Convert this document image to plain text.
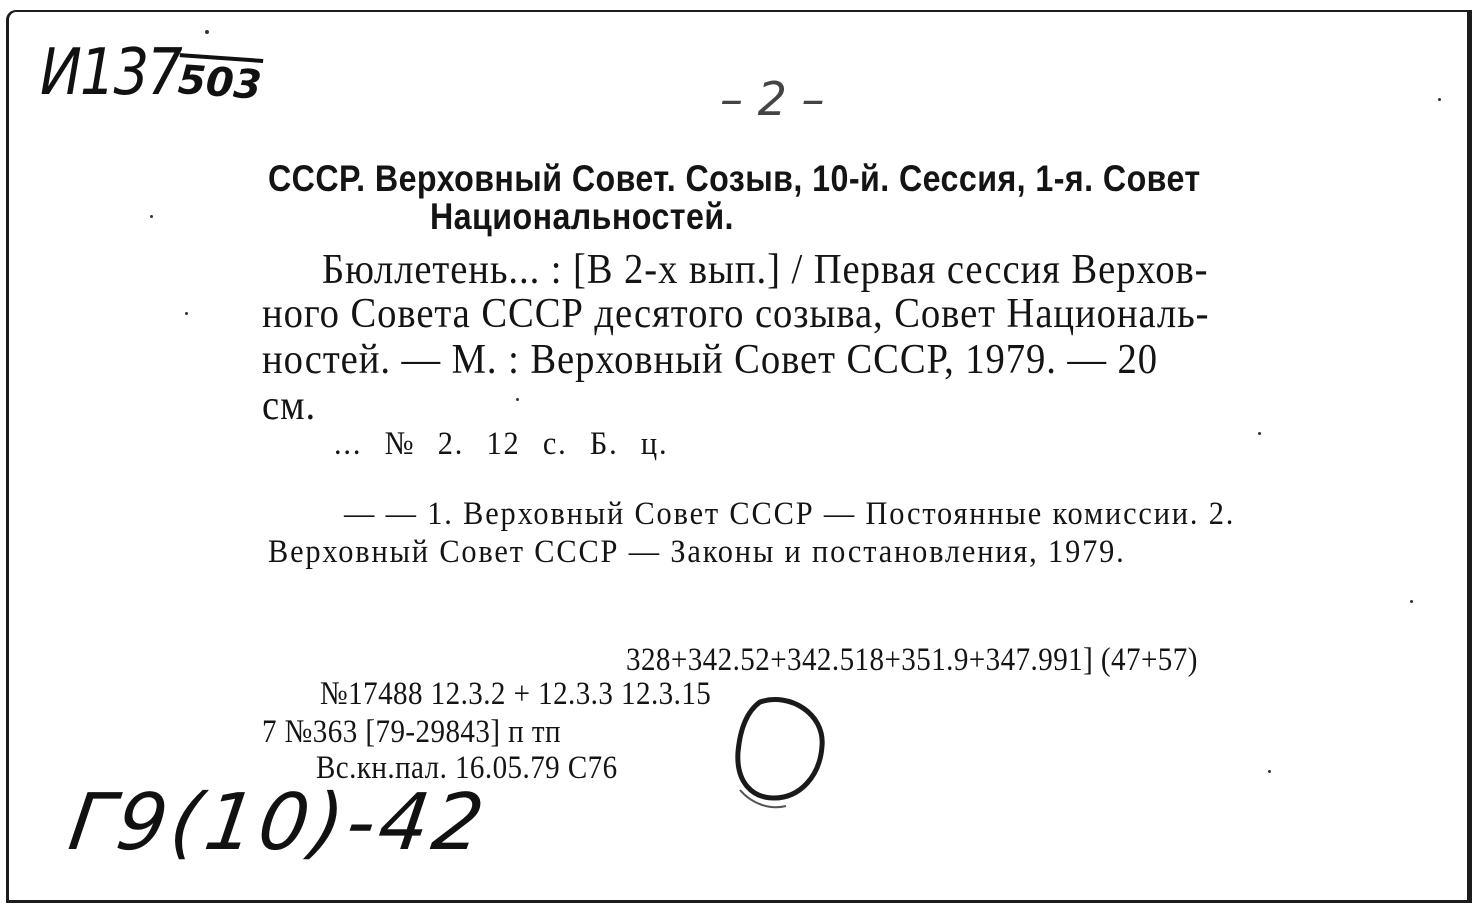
И137
503	– 2 –
СССР. Верховный Совет. Созыв, 10-й. Сессия, 1-я. Совет
Национальностей.
Бюллетень... : [В 2-х вып.] / Первая сессия Верхов-
ного Совета СССР десятого созыва, Совет Националь-
ностей. — М. : Верховный Совет СССР, 1979. — 20
см.
... № 2. 12 с. Б. ц.
— — 1. Верховный Совет СССР — Постоянные комиссии. 2.
Верховный Совет СССР — Законы и постановления, 1979.
328+342.52+342.518+351.9+347.991] (47+57)
№17488 12.3.2 + 12.3.3 12.3.15
7 №363 [79-29843] п тп
Вс.кн.пал. 16.05.79 С76
Г9(10)-42
